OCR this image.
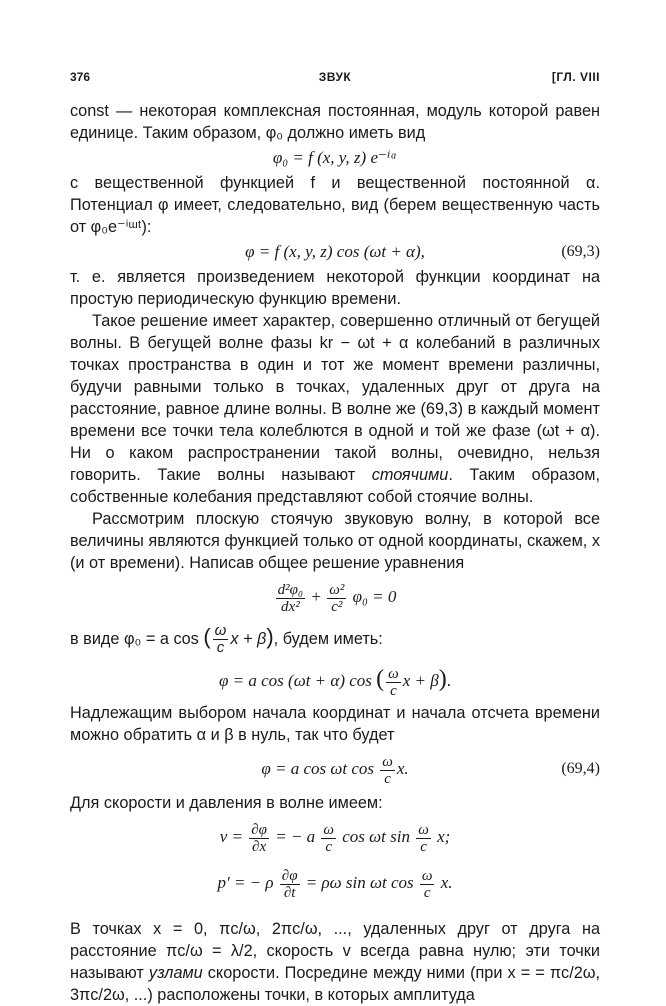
376	ЗВУК	[ГЛ. VIII

const — некоторая комплексная постоянная, модуль которой равен единице. Таким образом, φ₀ должно иметь вид

φ₀ = f (x, y, z) e⁻ⁱᵅ

с вещественной функцией f и вещественной постоянной α. Потенциал φ имеет, следовательно, вид (берем вещественную часть от φ₀e⁻ⁱᵚᵗ):

φ = f (x, y, z) cos (ωt + α),	(69,3)

т. е. является произведением некоторой функции координат на простую периодическую функцию времени.

Такое решение имеет характер, совершенно отличный от бегущей волны. В бегущей волне фазы kr − ωt + α колебаний в различных точках пространства в один и тот же момент времени различны, будучи равными только в точках, удаленных друг от друга на расстояние, равное длине волны. В волне же (69,3) в каждый момент времени все точки тела колеблются в одной и той же фазе (ωt + α). Ни о каком распространении такой волны, очевидно, нельзя говорить. Такие волны называют стоячими. Таким образом, собственные колебания представляют собой стоячие волны.

Рассмотрим плоскую стоячую звуковую волну, в которой все величины являются функцией только от одной координаты, скажем, x (и от времени). Написав общее решение уравнения

$\frac{\text{d²φ₀}}{\text{dx²}} + \frac{\text{ω²}}{\text{c²}} \varphi_0 = 0$

в виде φ₀ = a cos ( $\frac{\omega}{c}$ x + β), будем иметь:

φ = a cos (ωt + α) cos ( $\frac{\omega}{c}$ x + β).

Надлежащим выбором начала координат и начала отсчета времени можно обратить α и β в нуль, так что будет

φ = a cos ωt $\cos \frac{\omega}{c} x$.	(69,4)

Для скорости и давления в волне имеем:

$v = \frac{\partial\varphi}{\partial x}$ = − a $\frac{\omega}{c}$ cos ωt $\sin \frac{\omega}{c} x$;
p′ = − ρ $\frac{\partial\varphi}{\partial t} = \rho\omega$ sin ωt $\cos \frac{\omega}{c} x$.

В точках x = 0, πc/ω, 2πc/ω, ..., удаленных друг от друга на расстояние πc/ω = λ/2, скорость v всегда равна нулю; эти точки называют узлами скорости. Посредине между ними (при x = = πc/2ω, 3πc/2ω, ...) расположены точки, в которых амплитуда
